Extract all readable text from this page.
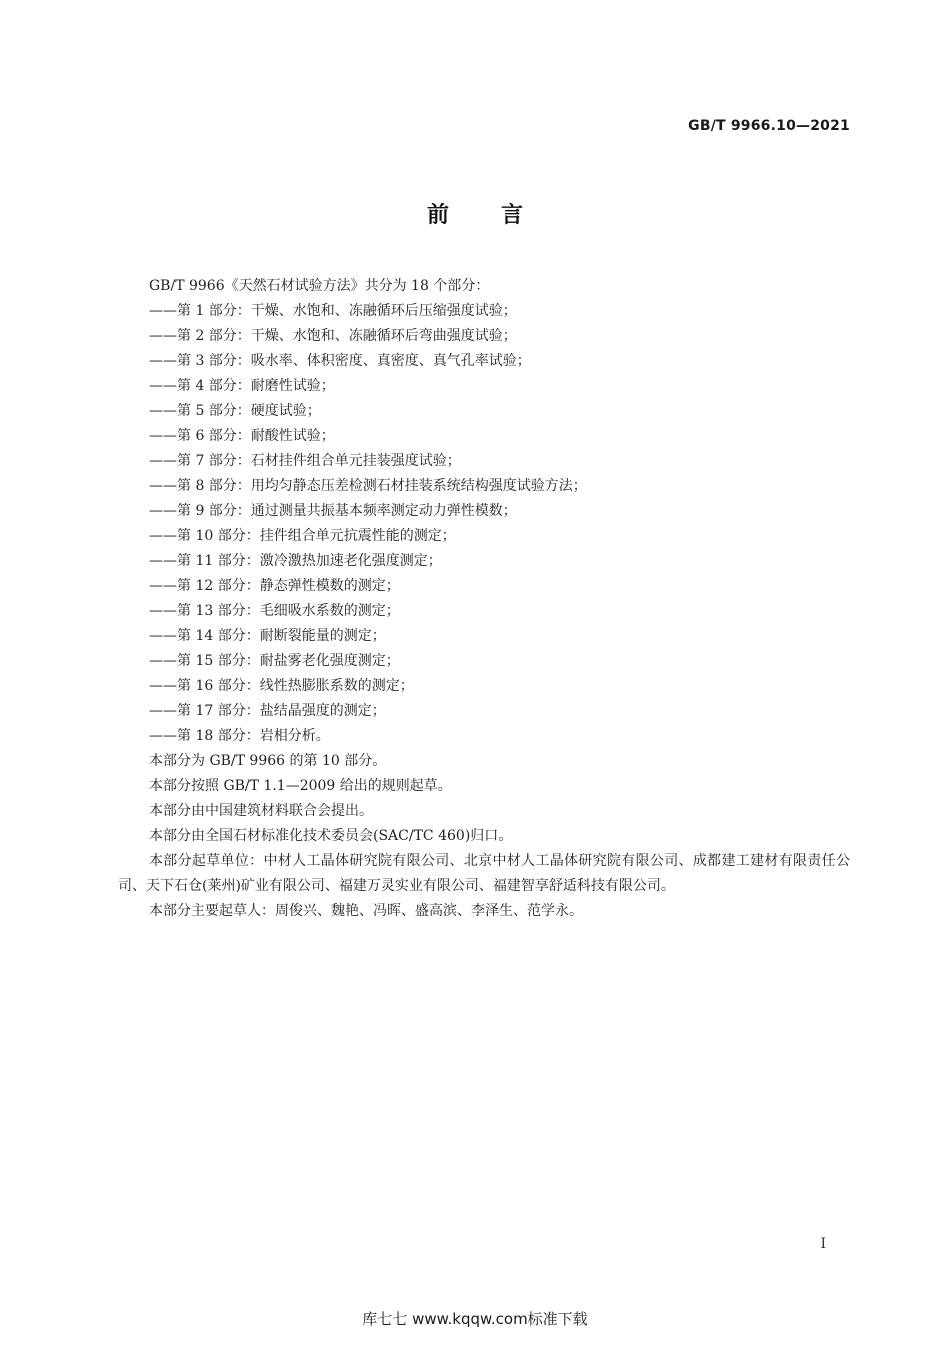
GB/T 9966.10—2021
前言

GB/T 9966《天然石材试验方法》共分为 18 个部分：

——第 1 部分：干燥、水饱和、冻融循环后压缩强度试验；

——第 2 部分：干燥、水饱和、冻融循环后弯曲强度试验；

——第 3 部分：吸水率、体积密度、真密度、真气孔率试验；

——第 4 部分：耐磨性试验；

——第 5 部分：硬度试验；

——第 6 部分：耐酸性试验；

——第 7 部分：石材挂件组合单元挂装强度试验；

——第 8 部分：用均匀静态压差检测石材挂装系统结构强度试验方法；

——第 9 部分：通过测量共振基本频率测定动力弹性模数；

——第 10 部分：挂件组合单元抗震性能的测定；

——第 11 部分：激冷激热加速老化强度测定；

——第 12 部分：静态弹性模数的测定；

——第 13 部分：毛细吸水系数的测定；

——第 14 部分：耐断裂能量的测定；

——第 15 部分：耐盐雾老化强度测定；

——第 16 部分：线性热膨胀系数的测定；

——第 17 部分：盐结晶强度的测定；

——第 18 部分：岩相分析。

本部分为 GB/T 9966 的第 10 部分。

本部分按照 GB/T 1.1—2009 给出的规则起草。

本部分由中国建筑材料联合会提出。

本部分由全国石材标准化技术委员会(SAC/TC 460)归口。

本部分起草单位：中材人工晶体研究院有限公司、北京中材人工晶体研究院有限公司、成都建工建材有限责任公司、天下石仓(莱州)矿业有限公司、福建万灵实业有限公司、福建智享舒适科技有限公司。

本部分主要起草人：周俊兴、魏艳、冯晖、盛高滨、李泽生、范学永。

I
库七七 www.kqqw.com标准下载
